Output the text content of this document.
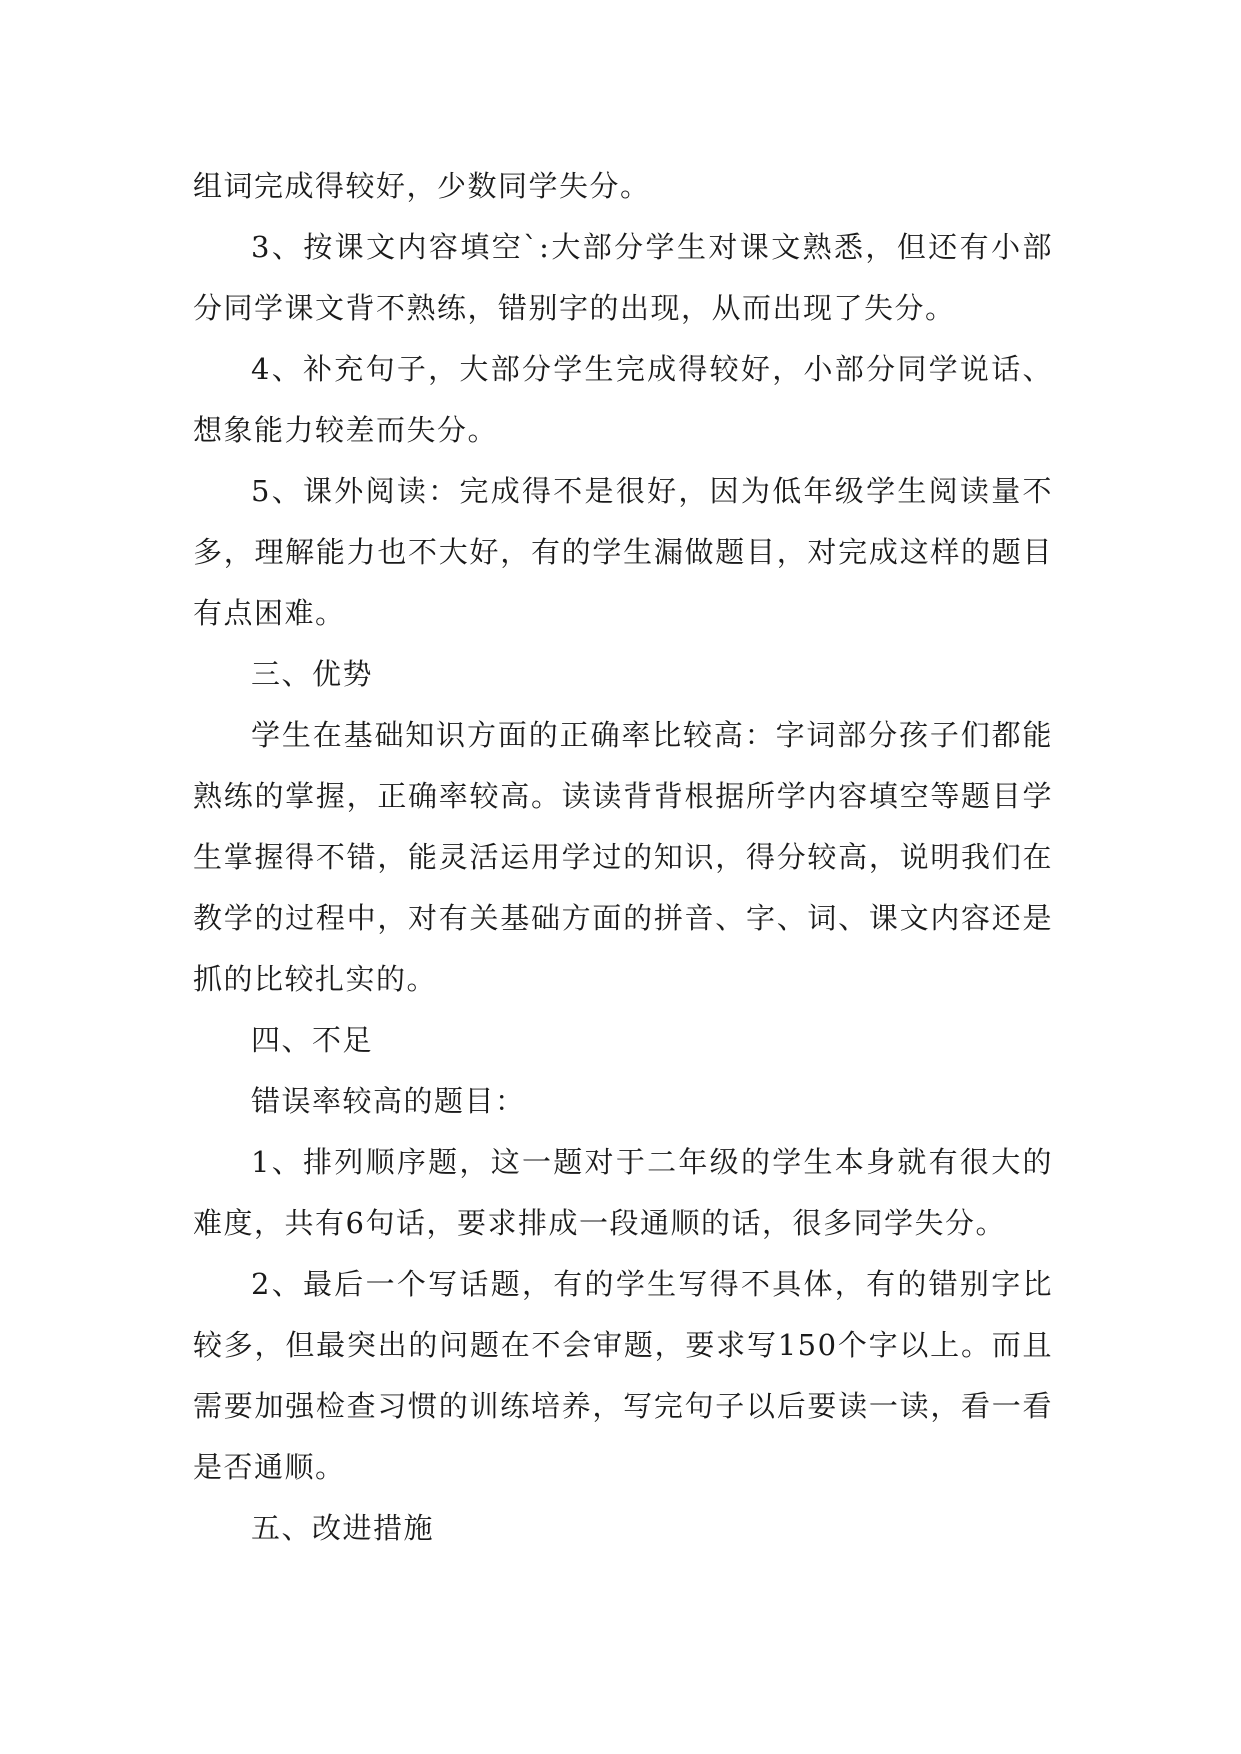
组词完成得较好，少数同学失分。

3、按课文内容填空`:大部分学生对课文熟悉，但还有小部分同学课文背不熟练，错别字的出现，从而出现了失分。

4、补充句子，大部分学生完成得较好，小部分同学说话、想象能力较差而失分。

5、课外阅读：完成得不是很好，因为低年级学生阅读量不多，理解能力也不大好，有的学生漏做题目，对完成这样的题目有点困难。

三、优势

学生在基础知识方面的正确率比较高：字词部分孩子们都能熟练的掌握，正确率较高。读读背背根据所学内容填空等题目学生掌握得不错，能灵活运用学过的知识，得分较高，说明我们在教学的过程中，对有关基础方面的拼音、字、词、课文内容还是抓的比较扎实的。

四、不足

错误率较高的题目：

1、排列顺序题，这一题对于二年级的学生本身就有很大的难度，共有6句话，要求排成一段通顺的话，很多同学失分。

2、最后一个写话题，有的学生写得不具体，有的错别字比较多，但最突出的问题在不会审题，要求写150个字以上。而且需要加强检查习惯的训练培养，写完句子以后要读一读，看一看是否通顺。

五、改进措施
